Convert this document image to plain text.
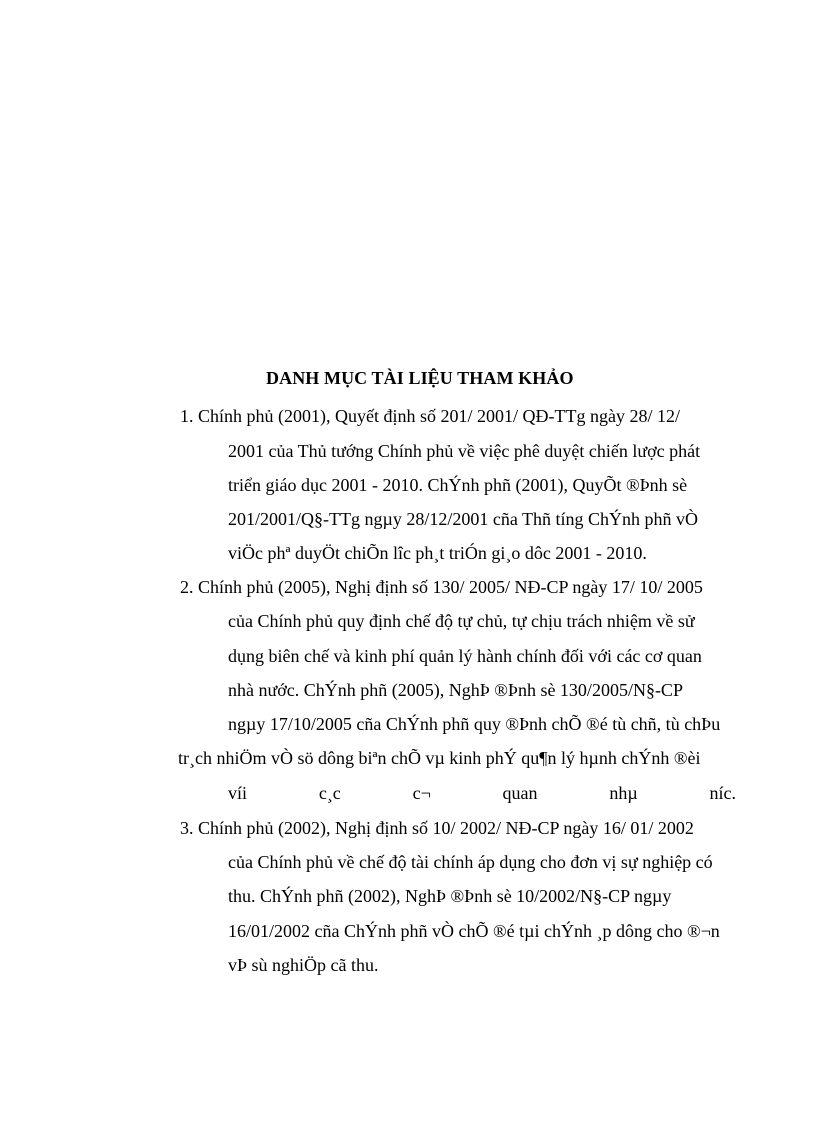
DANH MỤC TÀI LIỆU THAM KHẢO
1. Chính phủ (2001), Quyết định số 201/ 2001/ QĐ-TTg ngày 28/ 12/
2001 của Thủ tướng Chính phủ về việc phê duyệt chiến lược phát
triển giáo dục 2001 - 2010. ChÝnh phñ (2001), QuyÕt ®Þnh sè
201/2001/Q§-TTg ngµy 28/12/2001 cña Thñ tíng ChÝnh phñ vÒ
viÖc phª duyÖt chiÕn lîc ph¸t triÓn gi¸o dôc 2001 - 2010.
2. Chính phủ (2005), Nghị định số 130/ 2005/ NĐ-CP ngày 17/ 10/ 2005
của Chính phủ quy định chế độ tự chủ, tự chịu trách nhiệm về sử
dụng biên chế và kinh phí quản lý hành chính đối với các cơ quan
nhà nước. ChÝnh phñ (2005), NghÞ ®Þnh sè 130/2005/N§-CP
ngµy 17/10/2005 cña ChÝnh phñ quy ®Þnh chÕ ®é tù chñ, tù chÞu
tr¸ch nhiÖm vÒ sö dông biªn chÕ vµ kinh phÝ qu¶n lý hµnh chÝnh ®èi
víi	c¸c	c¬	quan	nhµ	níc.
3. Chính phủ (2002), Nghị định số 10/ 2002/ NĐ-CP ngày 16/ 01/ 2002
của Chính phủ về chế độ tài chính áp dụng cho đơn vị sự nghiệp có
thu. ChÝnh phñ (2002), NghÞ ®Þnh sè 10/2002/N§-CP ngµy
16/01/2002 cña ChÝnh phñ vÒ chÕ ®é tµi chÝnh ¸p dông cho ®¬n
vÞ sù nghiÖp cã thu.
